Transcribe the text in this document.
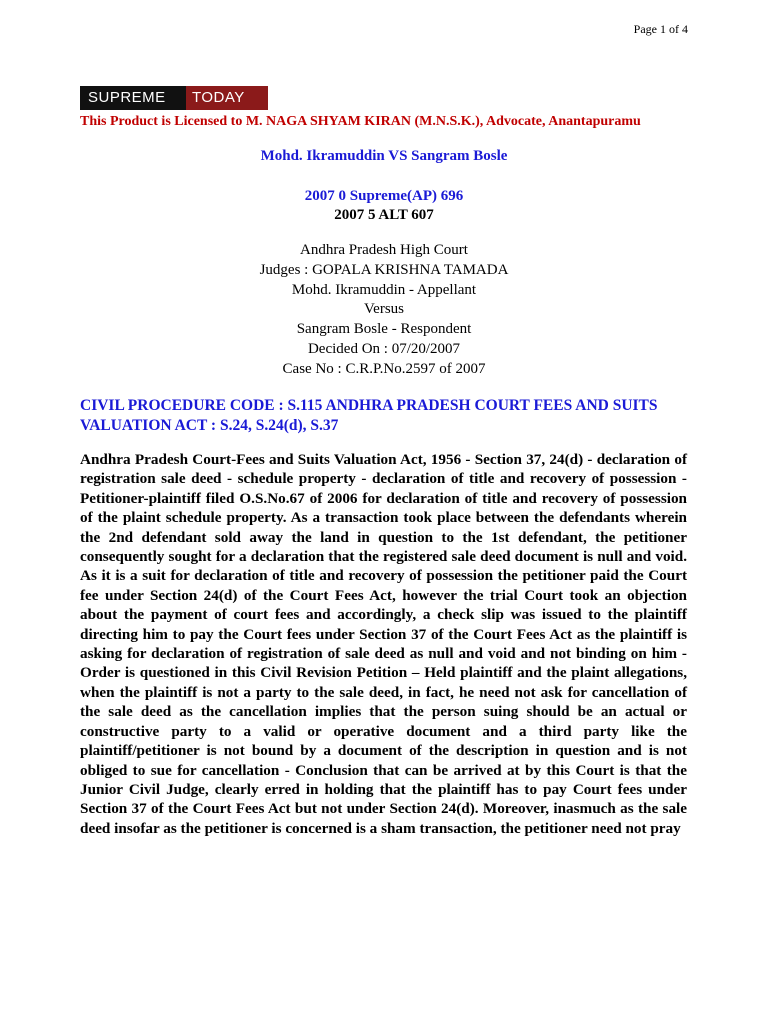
Page 1 of 4
SUPREME	TODAY
This Product is Licensed to M. NAGA SHYAM KIRAN (M.N.S.K.), Advocate, Anantapuramu
Mohd. Ikramuddin VS Sangram Bosle
2007 0 Supreme(AP) 696
2007 5 ALT 607
Andhra Pradesh High Court
Judges : GOPALA KRISHNA TAMADA
Mohd. Ikramuddin - Appellant
Versus
Sangram Bosle - Respondent
Decided On : 07/20/2007
Case No : C.R.P.No.2597 of 2007
CIVIL PROCEDURE CODE : S.115 ANDHRA PRADESH COURT FEES AND SUITS VALUATION ACT : S.24, S.24(d), S.37
Andhra Pradesh Court-Fees and Suits Valuation Act, 1956 - Section 37, 24(d) - declaration of registration sale deed - schedule property - declaration of title and recovery of possession - Petitioner-plaintiff filed O.S.No.67 of 2006 for declaration of title and recovery of possession of the plaint schedule property. As a transaction took place between the defendants wherein the 2nd defendant sold away the land in question to the 1st defendant, the petitioner consequently sought for a declaration that the registered sale deed document is null and void. As it is a suit for declaration of title and recovery of possession the petitioner paid the Court fee under Section 24(d) of the Court Fees Act, however the trial Court took an objection about the payment of court fees and accordingly, a check slip was issued to the plaintiff directing him to pay the Court fees under Section 37 of the Court Fees Act as the plaintiff is asking for declaration of registration of sale deed as null and void and not binding on him - Order is questioned in this Civil Revision Petition – Held plaintiff and the plaint allegations, when the plaintiff is not a party to the sale deed, in fact, he need not ask for cancellation of the sale deed as the cancellation implies that the person suing should be an actual or constructive party to a valid or operative document and a third party like the plaintiff/petitioner is not bound by a document of the description in question and is not obliged to sue for cancellation - Conclusion that can be arrived at by this Court is that the Junior Civil Judge, clearly erred in holding that the plaintiff has to pay Court fees under Section 37 of the Court Fees Act but not under Section 24(d). Moreover, inasmuch as the sale deed insofar as the petitioner is concerned is a sham transaction, the petitioner need not pray
